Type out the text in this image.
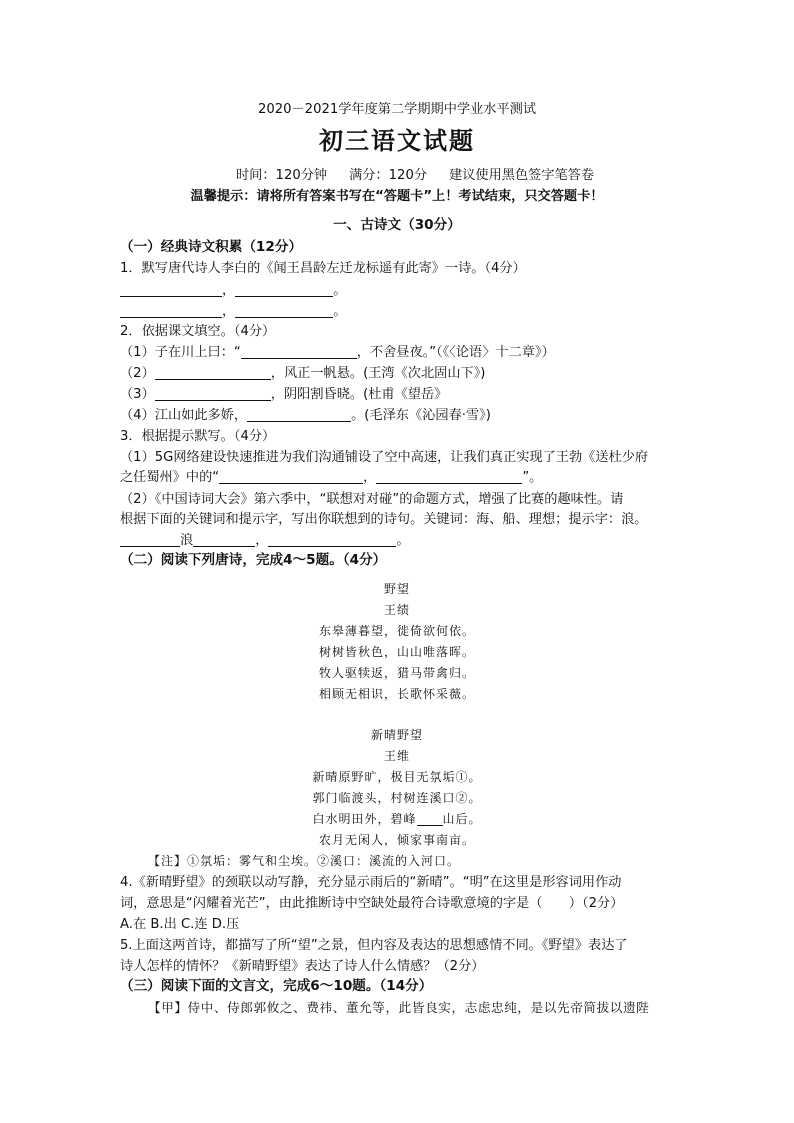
2020－2021学年度第二学期期中学业水平测试
初三语文试题
时间：120分钟 满分：120分 建议使用黑色签字笔答卷
温馨提示：请将所有答案书写在“答题卡”上！考试结束，只交答题卡！
一、古诗文（30分）
（一）经典诗文积累（12分）
1．默写唐代诗人李白的《闻王昌龄左迁龙标遥有此寄》一诗。（4分）
，	。
，	。
2．依据课文填空。（4分）
（1）子在川上曰：“	，不舍昼夜。”（《〈论语〉十二章》）
（2）	，风正一帆悬。(王湾《次北固山下》)
（3）	，阴阳割昏晓。(杜甫《望岳》
（4）江山如此多娇，	。(毛泽东《沁园春·雪》)
3．根据提示默写。（4分）
（1）5G网络建设快速推进为我们沟通铺设了空中高速，让我们真正实现了王勃《送杜少府
之任蜀州》中的“	，	”。
（2）《中国诗词大会》第六季中，“联想对对碰”的命题方式，增强了比赛的趣味性。请
根据下面的关键词和提示字，写出你联想到的诗句。关键词：海、船、理想；提示字：浪。
浪	，	。
（二）阅读下列唐诗，完成4～5题。（4分）
野望
王绩
东皋薄暮望，徙倚欲何依。
树树皆秋色，山山唯落晖。
牧人驱犊返，猎马带禽归。
相顾无相识，长歌怀采薇。
新晴野望
王维
新晴原野旷，极目无氛垢①。
郭门临渡头，村树连溪口②。
白水明田外，碧峰 山后。
农月无闲人，倾家事南亩。
【注】①氛垢：雾气和尘埃。②溪口：溪流的入河口。
4.《新晴野望》的颈联以动写静，充分显示雨后的“新晴”。“明”在这里是形容词用作动
词，意思是“闪耀着光芒”，由此推断诗中空缺处最符合诗歌意境的字是（　　）（2分）
A.在 B.出 C.连 D.压
5.上面这两首诗，都描写了所“望”之景，但内容及表达的思想感情不同。《野望》表达了
诗人怎样的情怀？《新晴野望》表达了诗人什么情感？（2分）
（三）阅读下面的文言文，完成6～10题。（14分）
【甲】侍中、侍郎郭攸之、费祎、董允等，此皆良实，志虑忠纯，是以先帝简拔以遗陛
